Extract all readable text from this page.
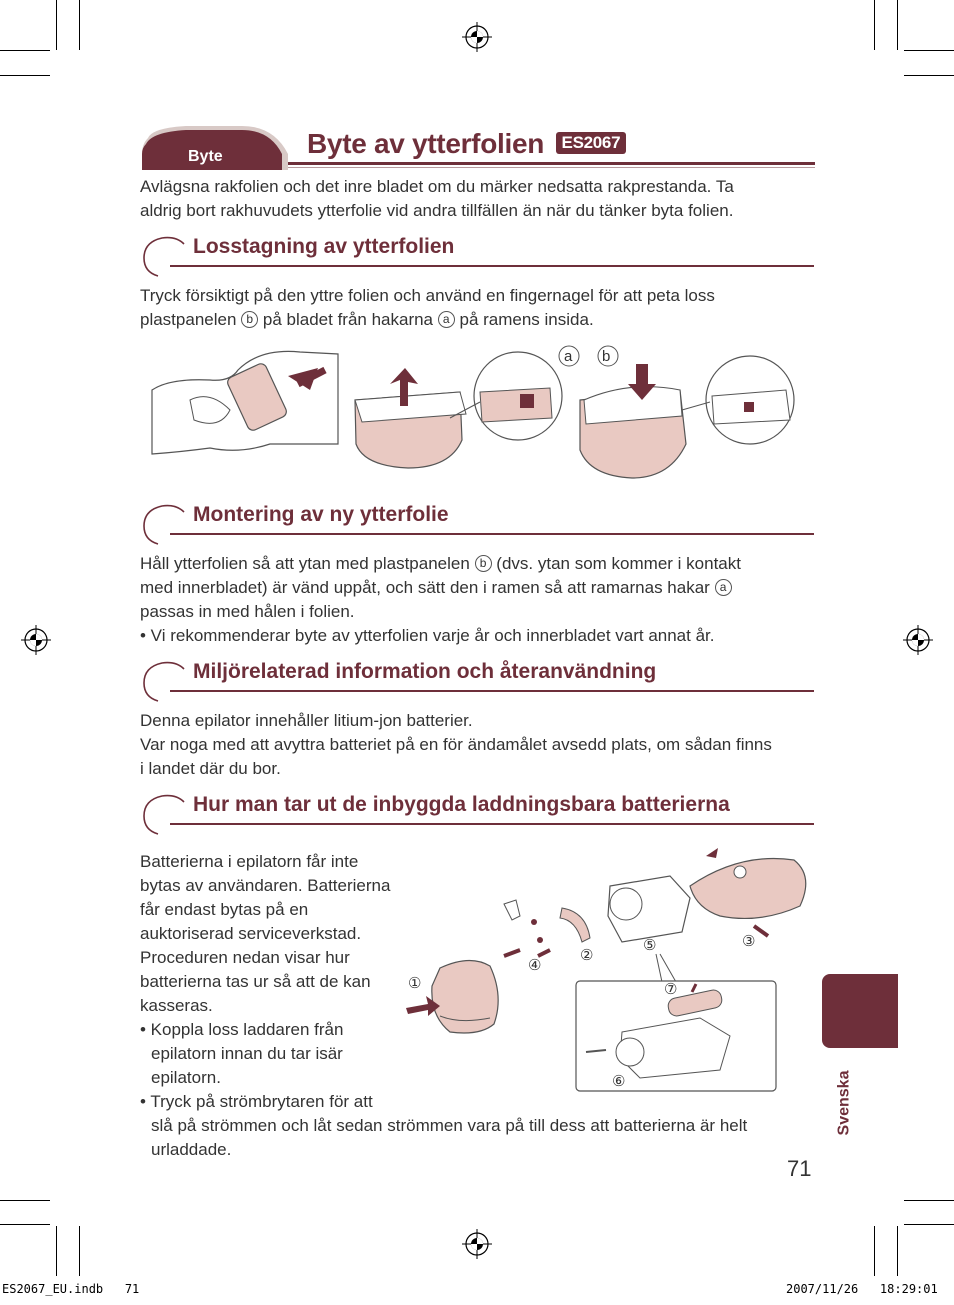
Byte	Byte av ytterfolien ES2067
Avlägsna rakfolien och det inre bladet om du märker nedsatta rakprestanda. Ta
aldrig bort rakhuvudets ytterfolie vid andra tillfällen än när du tänker byta folien.
Losstagning av ytterfolien
Tryck försiktigt på den yttre folien och använd en fingernagel för att peta loss
plastpanelen b på bladet från hakarna a på ramens insida.
a b
Montering av ny ytterfolie
Håll ytterfolien så att ytan med plastpanelen b (dvs. ytan som kommer i kontakt
med innerbladet) är vänd uppåt, och sätt den i ramen så att ramarnas hakar a
passas in med hålen i folien.
• Vi rekommenderar byte av ytterfolien varje år och innerbladet vart annat år.
Miljörelaterad information och återanvändning
Denna epilator innehåller litium-jon batterier.
Var noga med att avyttra batteriet på en för ändamålet avsedd plats, om sådan finns
i landet där du bor.
Hur man tar ut de inbyggda laddningsbara batterierna
Batterierna i epilatorn får inte
bytas av användaren. Batterierna
får endast bytas på en
auktoriserad serviceverkstad.
Proceduren nedan visar hur
batterierna tas ur så att de kan
kasseras.
• Koppla loss laddaren från
epilatorn innan du tar isär
epilatorn.
• Tryck på strömbrytaren för att
slå på strömmen och låt sedan strömmen vara på till dess att batterierna är helt
urladdade.
①
④
②
⑤	③
⑦
⑥	Svenska
71
ES2067_EU.indb   71	2007/11/26   18:29:01
